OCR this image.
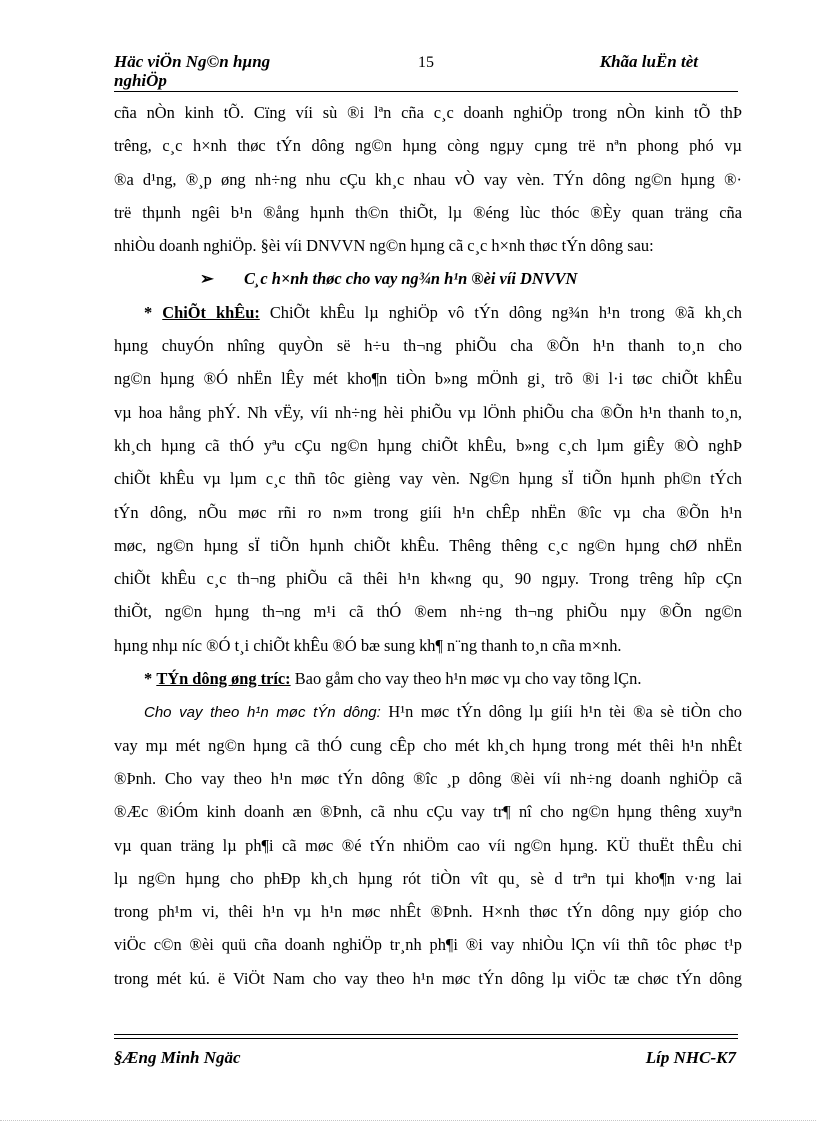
Häc viÖn Ng©n hµng
nghiÖp
15	Khãa luËn tèt
cña nÒn kinh tÕ. Cïng víi sù ®i lªn cña c¸c doanh nghiÖp trong nÒn kinh tÕ thÞ
trêng, c¸c h×nh thøc tÝn dông ng©n hµng còng ngµy cµng trë nªn phong phó vµ
®a d¹ng, ®¸p øng nh÷ng nhu cÇu kh¸c nhau vÒ vay vèn. TÝn dông ng©n hµng ®·
trë thµnh ngêi b¹n ®ång hµnh th©n thiÕt, lµ ®éng lùc thóc ®Èy quan träng cña
nhiÒu doanh nghiÖp. §èi víi DNVVN ng©n hµng cã c¸c h×nh thøc tÝn dông sau:
➢ C¸c h×nh thøc cho vay ng¾n h¹n ®èi víi DNVVN
* ChiÕt khÊu: ChiÕt khÊu lµ nghiÖp vô tÝn dông ng¾n h¹n trong ®ã kh¸ch
hµng chuyÓn nhîng quyÒn së h÷u th¬ng phiÕu cha ®Õn h¹n thanh to¸n cho
ng©n hµng ®Ó nhËn lÊy mét kho¶n tiÒn b»ng mÖnh gi¸ trõ ®i l·i tøc chiÕt khÊu
vµ hoa hång phÝ. Nh vËy, víi nh÷ng hèi phiÕu vµ lÖnh phiÕu cha ®Õn h¹n thanh to¸n,
kh¸ch hµng cã thÓ yªu cÇu ng©n hµng chiÕt khÊu, b»ng c¸ch lµm giÊy ®Ò nghÞ
chiÕt khÊu vµ lµm c¸c thñ tôc gièng vay vèn. Ng©n hµng sÏ tiÕn hµnh ph©n tÝch
tÝn dông, nÕu møc rñi ro n»m trong giíi h¹n chÊp nhËn ®îc vµ cha ®Õn h¹n
møc, ng©n hµng sÏ tiÕn hµnh chiÕt khÊu. Thêng thêng c¸c ng©n hµng chØ nhËn
chiÕt khÊu c¸c th¬ng phiÕu cã thêi h¹n kh«ng qu¸ 90 ngµy. Trong trêng hîp cÇn
thiÕt, ng©n hµng th¬ng m¹i cã thÓ ®em nh÷ng th¬ng phiÕu nµy ®Õn ng©n
hµng nhµ níc ®Ó t¸i chiÕt khÊu ®Ó bæ sung kh¶ n¨ng thanh to¸n cña m×nh.
* TÝn dông øng tríc: Bao gåm cho vay theo h¹n møc vµ cho vay tõng lÇn.
Cho vay theo h¹n møc tÝn dông: H¹n møc tÝn dông lµ giíi h¹n tèi ®a sè tiÒn cho
vay mµ mét ng©n hµng cã thÓ cung cÊp cho mét kh¸ch hµng trong mét thêi h¹n nhÊt
®Þnh. Cho vay theo h¹n møc tÝn dông ®îc ¸p dông ®èi víi nh÷ng doanh nghiÖp cã
®Æc ®iÓm kinh doanh æn ®Þnh, cã nhu cÇu vay tr¶ nî cho ng©n hµng thêng xuyªn
vµ quan träng lµ ph¶i cã møc ®é tÝn nhiÖm cao víi ng©n hµng. KÜ thuËt thÊu chi
lµ ng©n hµng cho phÐp kh¸ch hµng rót tiÒn vît qu¸ sè d trªn tµi kho¶n v·ng lai
trong ph¹m vi, thêi h¹n vµ h¹n møc nhÊt ®Þnh. H×nh thøc tÝn dông nµy gióp cho
viÖc c©n ®èi quü cña doanh nghiÖp tr¸nh ph¶i ®i vay nhiÒu lÇn víi thñ tôc phøc t¹p
trong mét kú. ë ViÖt Nam cho vay theo h¹n møc tÝn dông lµ viÖc tæ chøc tÝn dông
§Æng Minh Ngäc	Líp NHC-K7
